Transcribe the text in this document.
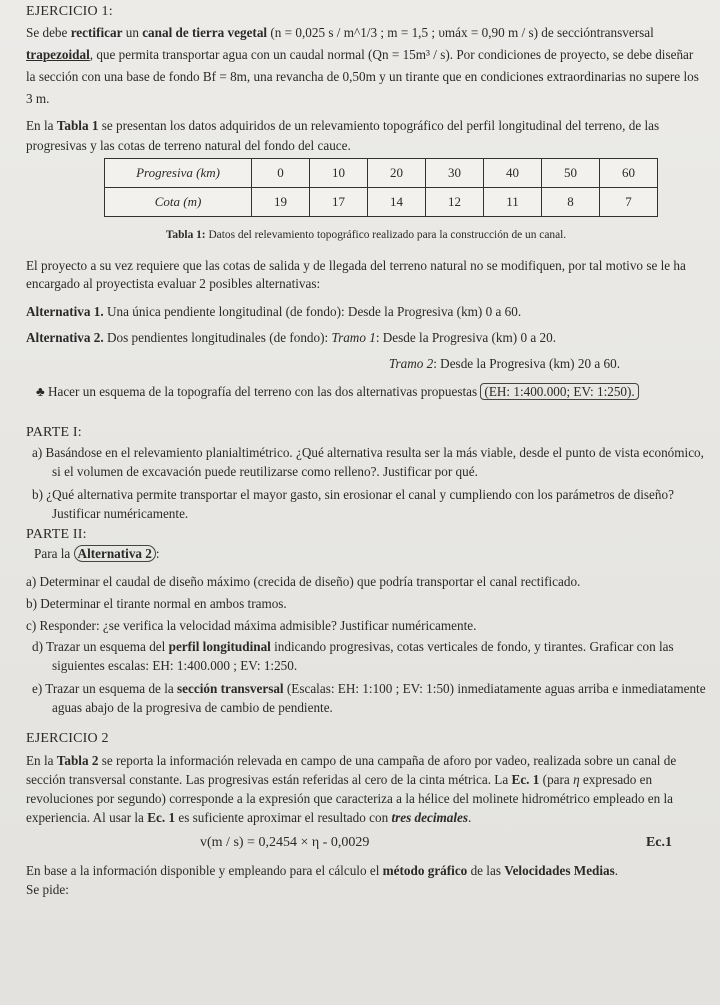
EJERCICIO 1:

Se debe rectificar un canal de tierra vegetal (n = 0,025 s / m^1/3 ; m = 1,5 ; υmáx = 0,90 m / s) de seccióntransversal trapezoidal, que permita transportar agua con un caudal normal (Qn = 15m³ / s). Por condiciones de proyecto, se debe diseñar la sección con una base de fondo Bf = 8m, una revancha de 0,50m y un tirante que en condiciones extraordinarias no supere los 3 m.

En la Tabla 1 se presentan los datos adquiridos de un relevamiento topográfico del perfil longitudinal del terreno, de las progresivas y las cotas de terreno natural del fondo del cauce.

Progresiva (km)	0	10	20	30	40	50	60
Cota (m)	19	17	14	12	11	8	7

Tabla 1: Datos del relevamiento topográfico realizado para la construcción de un canal.

El proyecto a su vez requiere que las cotas de salida y de llegada del terreno natural no se modifiquen, por tal motivo se le ha encargado al proyectista evaluar 2 posibles alternativas:

Alternativa 1. Una única pendiente longitudinal (de fondo): Desde la Progresiva (km) 0 a 60.

Alternativa 2. Dos pendientes longitudinales (de fondo): Tramo 1: Desde la Progresiva (km) 0 a 20.

Tramo 2: Desde la Progresiva (km) 20 a 60.

♣ Hacer un esquema de la topografía del terreno con las dos alternativas propuestas (EH: 1:400.000; EV: 1:250).

PARTE I:

a) Basándose en el relevamiento planialtimétrico. ¿Qué alternativa resulta ser la más viable, desde el punto de vista económico, si el volumen de excavación puede reutilizarse como relleno?. Justificar por qué.

b) ¿Qué alternativa permite transportar el mayor gasto, sin erosionar el canal y cumpliendo con los parámetros de diseño? Justificar numéricamente.

PARTE II:

Para la Alternativa 2 :

a) Determinar el caudal de diseño máximo (crecida de diseño) que podría transportar el canal rectificado.

b) Determinar el tirante normal en ambos tramos.

c) Responder: ¿se verifica la velocidad máxima admisible? Justificar numéricamente.

d) Trazar un esquema del perfil longitudinal indicando progresivas, cotas verticales de fondo, y tirantes. Graficar con las siguientes escalas: EH: 1:400.000 ; EV: 1:250.

e) Trazar un esquema de la sección transversal (Escalas: EH: 1:100 ; EV: 1:50) inmediatamente aguas arriba e inmediatamente aguas abajo de la progresiva de cambio de pendiente.

EJERCICIO 2

En la Tabla 2 se reporta la información relevada en campo de una campaña de aforo por vadeo, realizada sobre un canal de sección transversal constante. Las progresivas están referidas al cero de la cinta métrica. La Ec. 1 (para η expresado en revoluciones por segundo) corresponde a la expresión que caracteriza a la hélice del molinete hidrométrico empleado en la experiencia. Al usar la Ec. 1 es suficiente aproximar el resultado con tres decimales.

v(m / s) = 0,2454 × η - 0,0029	Ec.1

En base a la información disponible y empleando para el cálculo el método gráfico de las Velocidades Medias.

Se pide:
